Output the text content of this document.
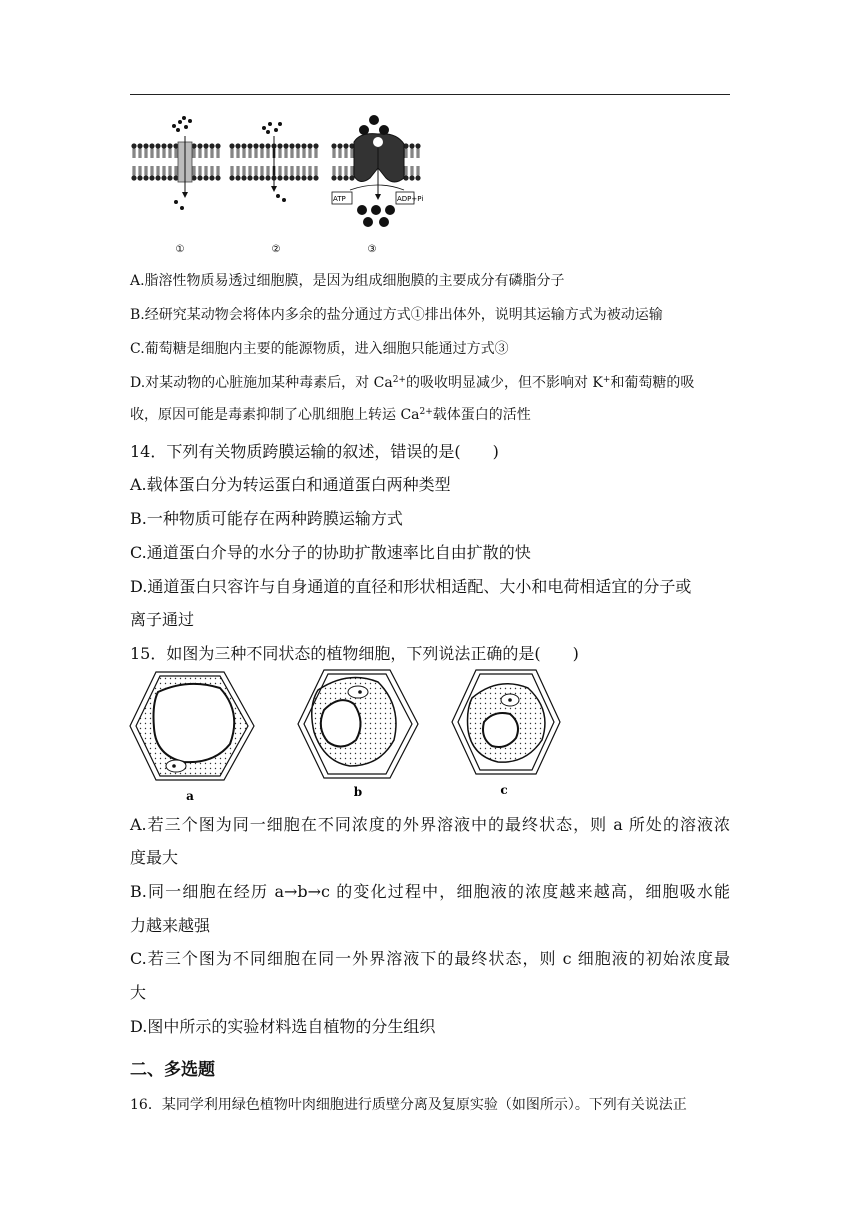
ATP	ADP+Pi
①	②	③
A.脂溶性物质易透过细胞膜，是因为组成细胞膜的主要成分有磷脂分子
B.经研究某动物会将体内多余的盐分通过方式①排出体外，说明其运输方式为被动运输
C.葡萄糖是细胞内主要的能源物质，进入细胞只能通过方式③
D.对某动物的心脏施加某种毒素后，对 $Ca^{2+}$的吸收明显减少，但不影响对 K+和葡萄糖的吸
收，原因可能是毒素抑制了心肌细胞上转运 $Ca^{2+}$载体蛋白的活性
14．下列有关物质跨膜运输的叙述，错误的是(　　)
A.载体蛋白分为转运蛋白和通道蛋白两种类型
B.一种物质可能存在两种跨膜运输方式
C.通道蛋白介导的水分子的协助扩散速率比自由扩散的快
D.通道蛋白只容许与自身通道的直径和形状相适配、大小和电荷相适宜的分子或
离子通过
15．如图为三种不同状态的植物细胞，下列说法正确的是(　　)
a	b	c
A.若三个图为同一细胞在不同浓度的外界溶液中的最终状态，则 a 所处的溶液浓
度最大
B.同一细胞在经历 a→b→c 的变化过程中，细胞液的浓度越来越高，细胞吸水能
力越来越强
C.若三个图为不同细胞在同一外界溶液下的最终状态，则 c 细胞液的初始浓度最
大
D.图中所示的实验材料选自植物的分生组织
二、多选题
16．某同学利用绿色植物叶肉细胞进行质壁分离及复原实验（如图所示）。下列有关说法正
